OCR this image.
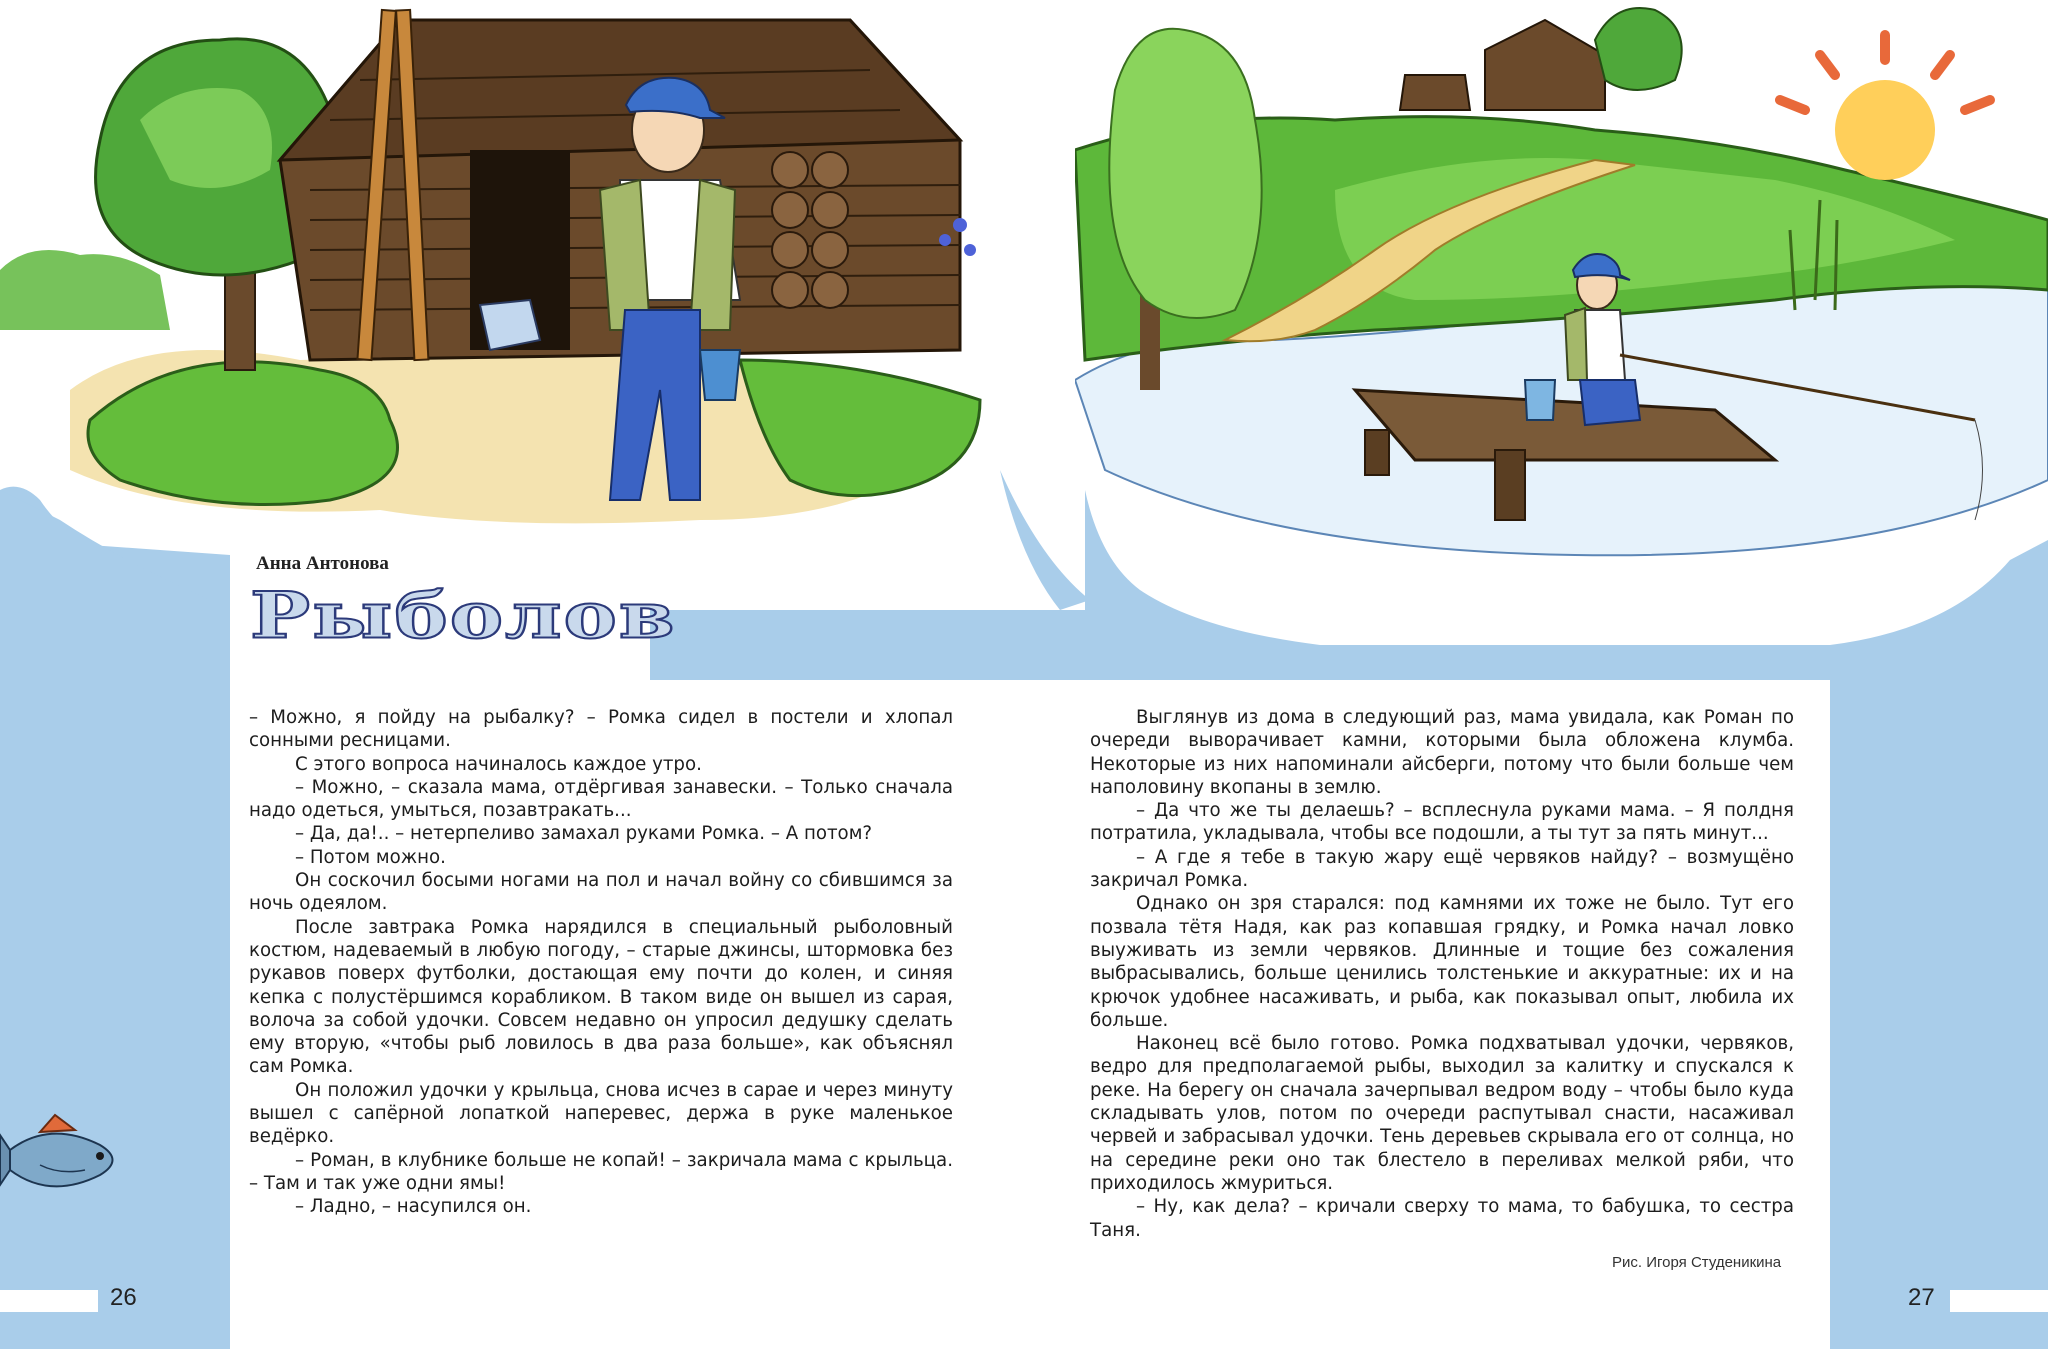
Анна Антонова
Рыболов

– Можно, я пойду на рыбалку? – Ромка сидел в постели и хлопал сонными ресницами.

С этого вопроса начиналось каждое утро.

– Можно, – сказала мама, отдёргивая занавески. – Только сначала надо одеться, умыться, позавтракать...

– Да, да!.. – нетерпеливо замахал руками Ромка. – А потом?

– Потом можно.

Он соскочил босыми ногами на пол и начал войну со сбившимся за ночь одеялом.

После завтрака Ромка нарядился в специальный рыболовный костюм, надеваемый в любую погоду, – старые джинсы, штормовка без рукавов поверх футболки, достающая ему почти до колен, и синяя кепка с полустёршимся корабликом. В таком виде он вышел из сарая, волоча за собой удочки. Совсем недавно он упросил дедушку сделать ему вторую, «чтобы рыб ловилось в два раза больше», как объяснял сам Ромка.

Он положил удочки у крыльца, снова исчез в сарае и через минуту вышел с сапёрной лопаткой наперевес, держа в руке маленькое ведёрко.

– Роман, в клубнике больше не копай! – закричала мама с крыльца. – Там и так уже одни ямы!

– Ладно, – насупился он.

Выглянув из дома в следующий раз, мама увидала, как Роман по очереди выворачивает камни, которыми была обложена клумба. Некоторые из них напоминали айсберги, потому что были больше чем наполовину вкопаны в землю.

– Да что же ты делаешь? – всплеснула руками мама. – Я полдня потратила, укладывала, чтобы все подошли, а ты тут за пять минут...

– А где я тебе в такую жару ещё червяков найду? – возмущёно закричал Ромка.

Однако он зря старался: под камнями их тоже не было. Тут его позвала тётя Надя, как раз копавшая грядку, и Ромка начал ловко выуживать из земли червяков. Длинные и тощие без сожаления выбрасывались, больше ценились толстенькие и аккуратные: их и на крючок удобнее насаживать, и рыба, как показывал опыт, любила их больше.

Наконец всё было готово. Ромка подхватывал удочки, червяков, ведро для предполагаемой рыбы, выходил за калитку и спускался к реке. На берегу он сначала зачерпывал ведром воду – чтобы было куда складывать улов, потом по очереди распутывал снасти, насаживал червей и забрасывал удочки. Тень деревьев скрывала его от солнца, но на середине реки оно так блестело в переливах мелкой ряби, что приходилось жмуриться.

– Ну, как дела? – кричали сверху то мама, то бабушка, то сестра Таня.

Рис. Игоря Студеникина
26	27
